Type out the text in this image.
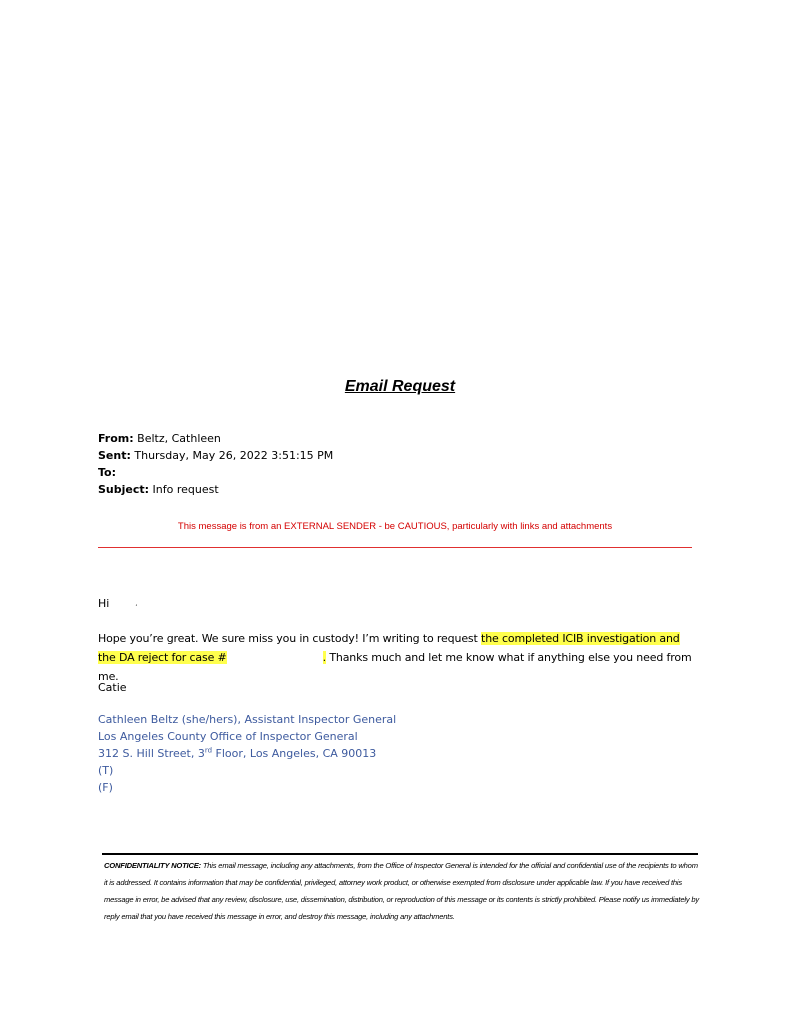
Email Request
From: Beltz, Cathleen
Sent: Thursday, May 26, 2022 3:51:15 PM
To:
Subject: Info request
This message is from an EXTERNAL SENDER - be CAUTIOUS, particularly with links and attachments
Hi	,
Hope you’re great. We sure miss you in custody! I’m writing to request the completed ICIB investigation and the DA reject for case #	. Thanks much and let me know what if anything else you need from me.
Catie
Cathleen Beltz (she/hers), Assistant Inspector General
Los Angeles County Office of Inspector General
312 S. Hill Street, 3rd Floor, Los Angeles, CA 90013
(T)
(F)
CONFIDENTIALITY NOTICE: This email message, including any attachments, from the Office of Inspector General is intended for the official and confidential use of the recipients to whom it is addressed. It contains information that may be confidential, privileged, attorney work product, or otherwise exempted from disclosure under applicable law. If you have received this message in error, be advised that any review, disclosure, use, dissemination, distribution, or reproduction of this message or its contents is strictly prohibited. Please notify us immediately by reply email that you have received this message in error, and destroy this message, including any attachments.
